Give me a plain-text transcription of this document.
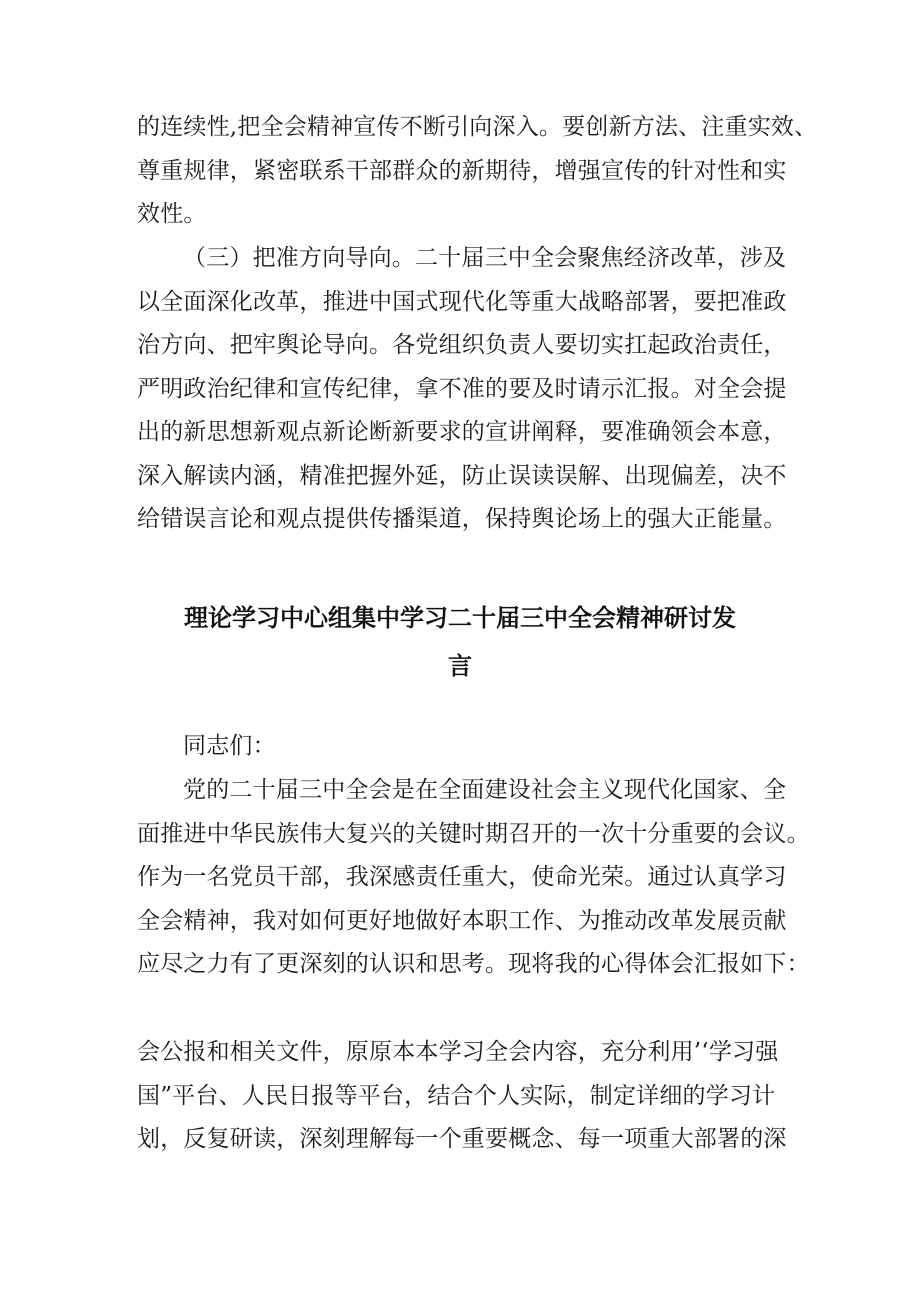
的连续性,把全会精神宣传不断引向深入。要创新方法、注重实效、
尊重规律，紧密联系干部群众的新期待，增强宣传的针对性和实
效性。
（三）把准方向导向。二十届三中全会聚焦经济改革，涉及
以全面深化改革，推进中国式现代化等重大战略部署，要把准政
治方向、把牢舆论导向。各党组织负责人要切实扛起政治责任，
严明政治纪律和宣传纪律，拿不准的要及时请示汇报。对全会提
出的新思想新观点新论断新要求的宣讲阐释，要准确领会本意，
深入解读内涵，精准把握外延，防止误读误解、出现偏差，决不
给错误言论和观点提供传播渠道，保持舆论场上的强大正能量。
理论学习中心组集中学习二十届三中全会精神研讨发
言
同志们：
党的二十届三中全会是在全面建设社会主义现代化国家、全
面推进中华民族伟大复兴的关键时期召开的一次十分重要的会议。
作为一名党员干部，我深感责任重大，使命光荣。通过认真学习
全会精神，我对如何更好地做好本职工作、为推动改革发展贡献
应尽之力有了更深刻的认识和思考。现将我的心得体会汇报如下：
会公报和相关文件，原原本本学习全会内容，充分利用’‘学习强
国”平台、人民日报等平台，结合个人实际，制定详细的学习计
划，反复研读，深刻理解每一个重要概念、每一项重大部署的深
